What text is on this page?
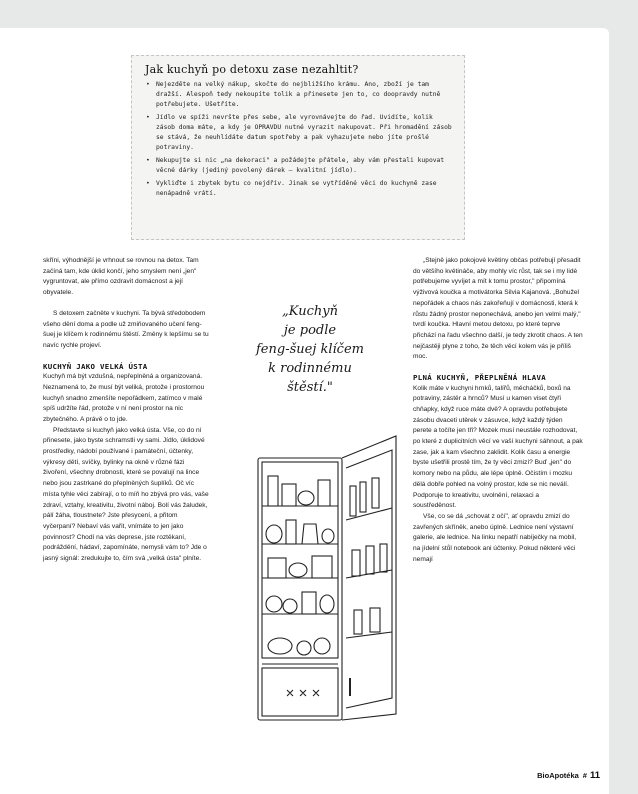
Jak kuchyň po detoxu zase nezahltit?
• Nejezděte na velký nákup, skočte do nejbližšího krámu. Ano, zboží je tam dražší. Alespoň tedy nekoupíte tolik a přinesete jen to, co doopravdy nutně potřebujete. Ušetříte.
• Jídlo ve spíži nevršte přes sebe, ale vyrovnávejte do řad. Uvidíte, kolik zásob doma máte, a kdy je OPRAVDU nutné vyrazit nakupovat. Při hromadění zásob se stává, že neuhlídáte datum spotřeby a pak vyhazujete nebo jíte prošlé potraviny.
• Nekupujte si nic „na dekoraci" a požádejte přátele, aby vám přestali kupovat věcné dárky (jediný povolený dárek – kvalitní jídlo).
• Vykliďte i zbytek bytu co nejdřív. Jinak se vytříděné věci do kuchyně zase nenápadně vrátí.

skříni, výhodnější je vrhnout se rovnou na detox. Tam začíná tam, kde úklid končí, jeho smyslem není „jen" vygruntovat, ale přímo ozdravit domácnost a její obyvatele.

S detoxem začněte v kuchyni. Ta bývá středobodem všeho dění doma a podle už zmiňovaného učení feng-šuej je klíčem k rodinnému štěstí. Změny k lepšímu se tu navíc rychle projeví.

KUCHYŇ JAKO VELKÁ ÚSTA

Kuchyň má být vzdušná, nepřeplněná a organizovaná. Neznamená to, že musí být veliká, protože i prostornou kuchyň snadno zmenšíte nepořádkem, zatímco v malé spíš udržíte řád, protože v ní není prostor na nic zbytečného. A právě o to jde.

Představte si kuchyň jako velká ústa. Vše, co do ní přinesete, jako byste schramstli vy sami. Jídlo, úklidové prostředky, nádobí používané i památeční, účtenky, výkresy dětí, svíčky, bylinky na okně v různé fázi živoření, všechny drobnosti, které se povalují na lince nebo jsou zastrkané do přeplněných šuplíků. Oč víc místa tyhle věci zabírají, o to míň ho zbývá pro vás, vaše zdraví, vztahy, kreativitu, životní náboj. Bolí vás žaludek, pálí žáha, tloustnete? Jste přesycení, a přitom vyčerpaní? Nebaví vás vařit, vnímáte to jen jako povinnost? Chodí na vás deprese, jste roztěkaní, podráždění, hádaví, zapomínáte, nemysli vám to? Jde o jasný signál: zredukujte to, čím svá „velká ústa" plníte.

„Kuchyň
je podle
feng-šuej klíčem
k rodinnému
štěstí."

„Stejně jako pokojové květiny občas potřebují přesadit do většího květináče, aby mohly víc růst, tak se i my lidé potřebujeme vyvíjet a mít k tomu prostor," připomíná výživová koučka a motivátorka Silvia Kajanová. „Bohužel nepořádek a chaos nás zakořeňují v domácnosti, která k růstu žádný prostor neponechává, anebo jen velmi malý," tvrdí koučka. Hlavní metou detoxu, po které teprve přichází na řadu všechno další, je tedy zkrotit chaos. A ten nejčastěji plyne z toho, že těch věcí kolem vás je příliš moc.

PLNÁ KUCHYŇ, PŘEPLNĚNÁ HLAVA

Kolik máte v kuchyni hrnků, talířů, měcháčků, boxů na potraviny, zástěr a hrnců? Musí u kamen viset čtyři chňapky, když ruce máte dvě? A opravdu potřebujete zásobu dvaceti utěrek v zásuvce, když každý týden perete a točíte jen tři? Mozek musí neustále rozhodovat, po které z duplicitních věcí ve vaší kuchyni sáhnout, a pak zase, jak a kam všechno zaklidit. Kolik času a energie byste ušetřili prostě tím, že ty věci zmizí? Buď „jen" do komory nebo na půdu, ale lépe úplně. Očistím i mozku dělá dobře pohled na volný prostor, kde se nic neválí. Podporuje to kreativitu, uvolnění, relaxaci a soustředěnost.

Vše, co se dá „schovat z očí", ať opravdu zmizí do zavřených skříněk, anebo úplně. Lednice není výstavní galerie, ale lednice. Na linku nepatří nabíječky na mobil, na jídelní stůl notebook ani účtenky. Pokud některé věci nemají

BioApotéka # 11
